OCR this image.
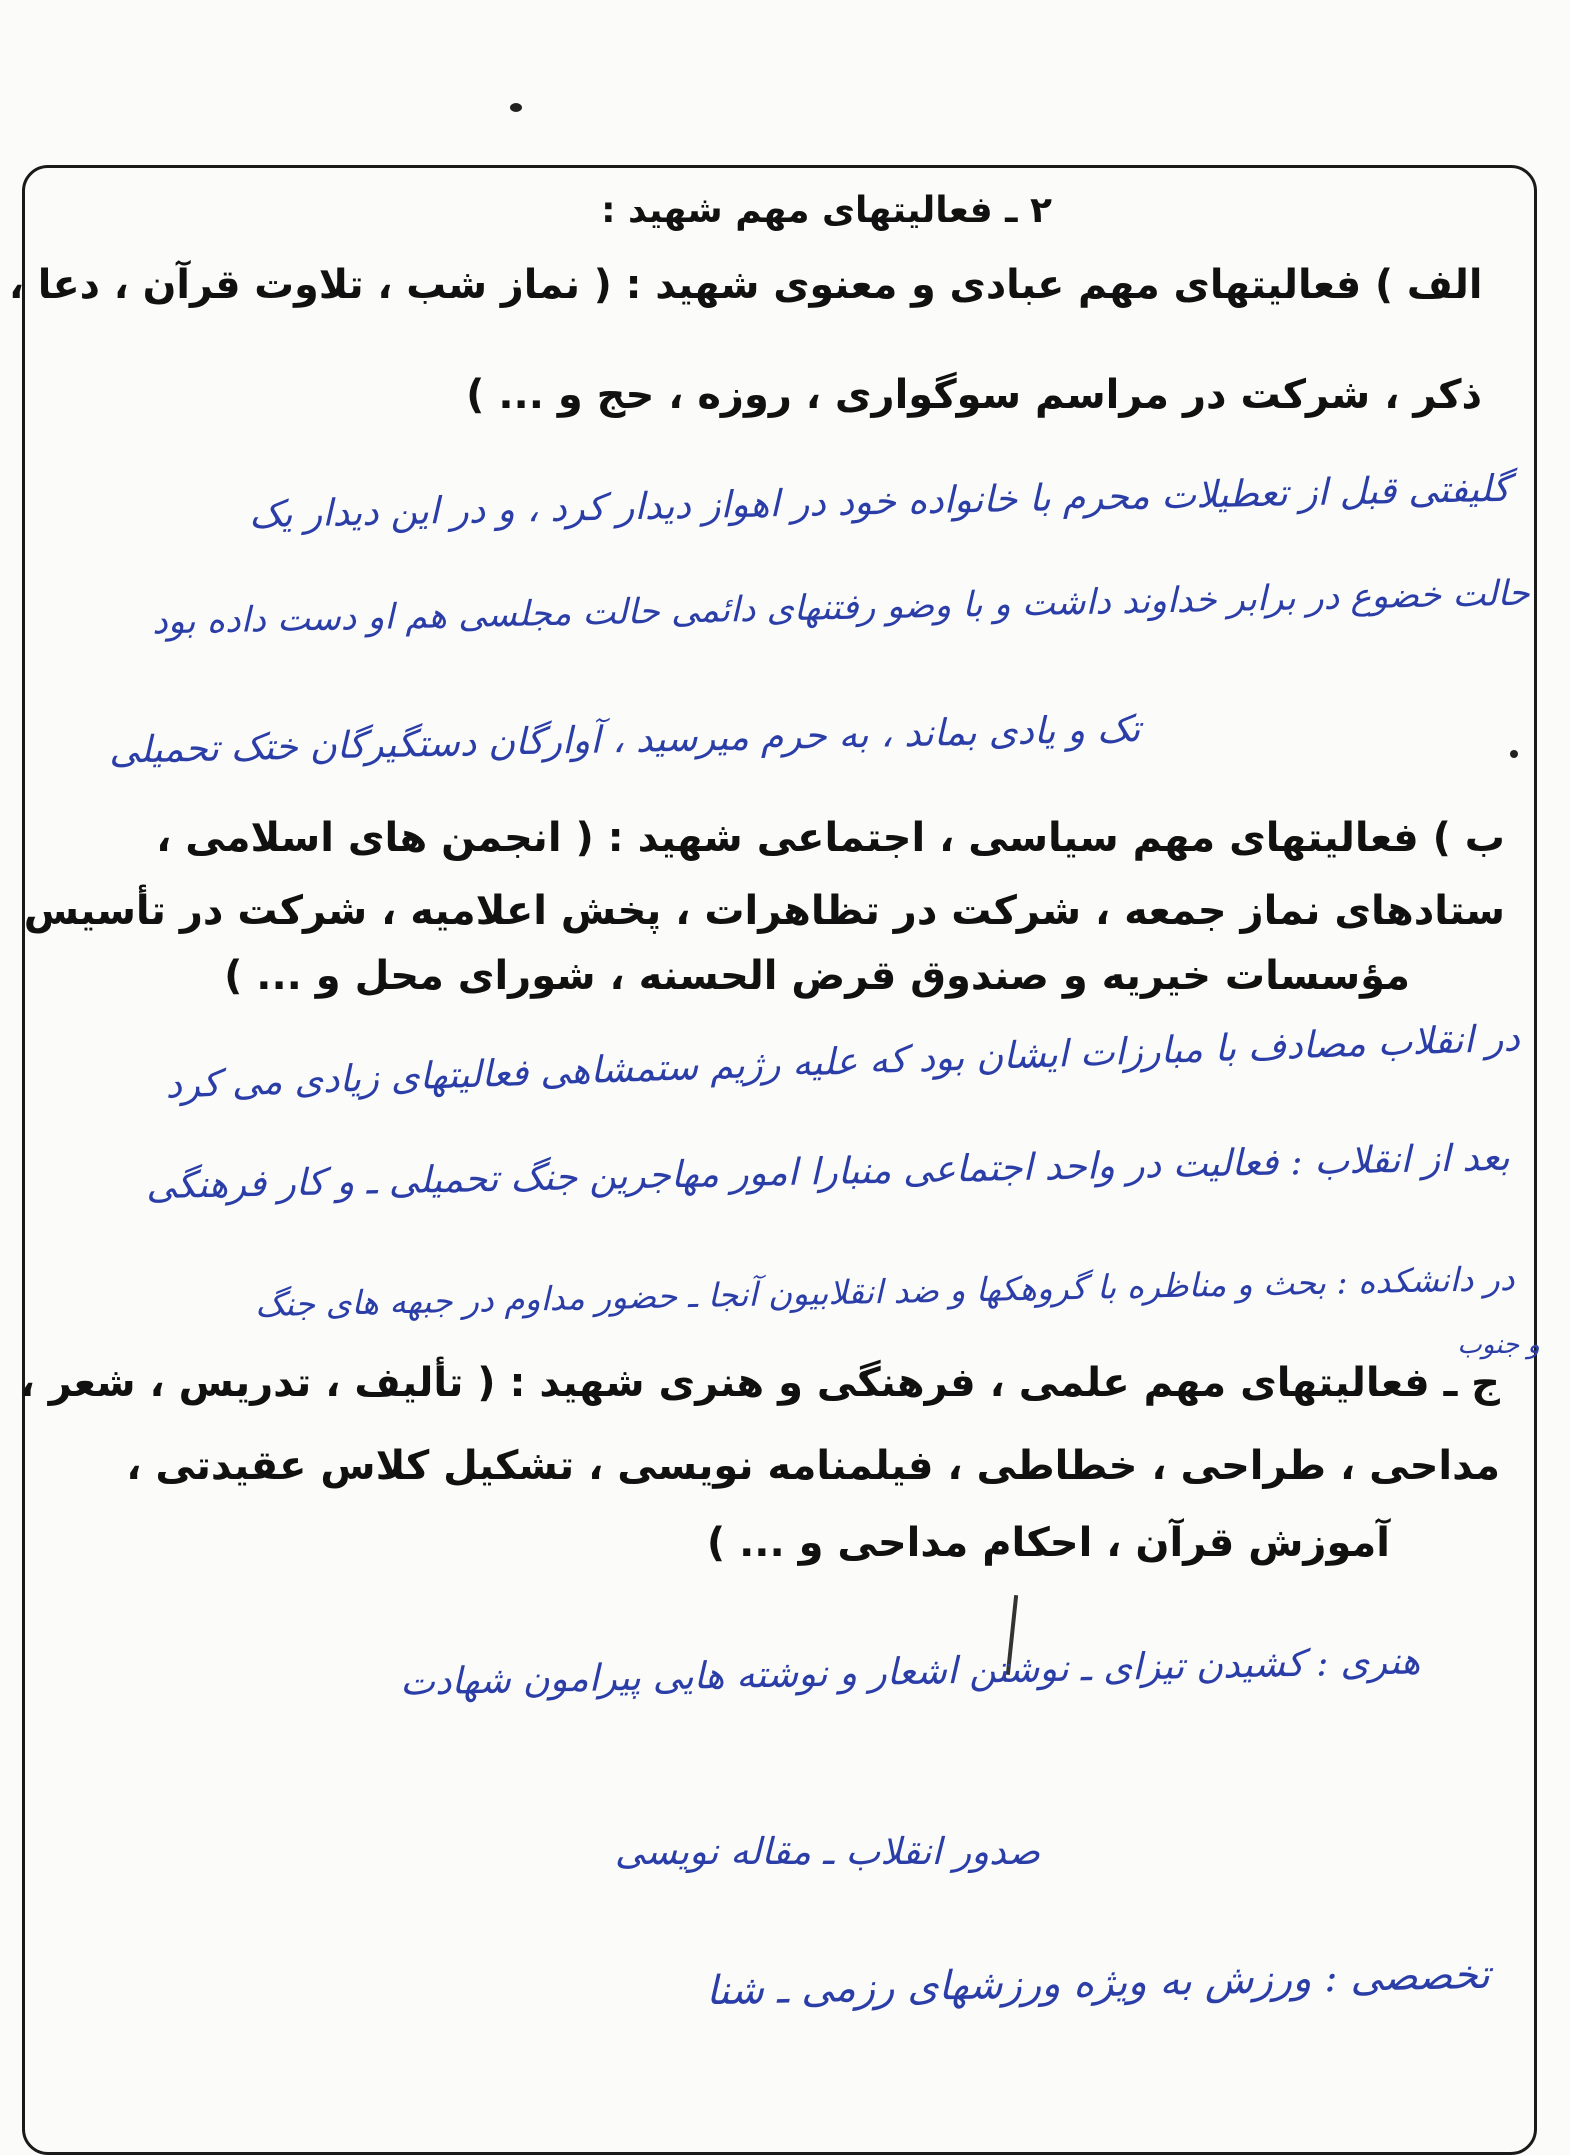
۲ ـ فعالیتهای مهم شهید :
الف ) فعالیتهای مهم عبادی و معنوی شهید : ( نماز شب ، تلاوت قرآن ، دعا ،
ذکر ، شرکت در مراسم سوگواری ، روزه ، حج و ... )
گلیفتی قبل از تعطیلات محرم با خانواده خود در اهواز دیدار کرد ، و در این دیدار یک
حالت خضوع در برابر خداوند داشت و با وضو رفتنهای دائمی حالت مجلسی هم او دست داده بود
تک و یادی بماند ، به حرم میرسید ، آوارگان دستگیرگان ختک تحمیلی
ب ) فعالیتهای مهم سیاسی ، اجتماعی شهید : ( انجمن های اسلامی ،
ستادهای نماز جمعه ، شرکت در تظاهرات ، پخش اعلامیه ، شرکت در تأسیس
مؤسسات خیریه و صندوق قرض الحسنه ، شورای محل و ... )
در انقلاب مصادف با مبارزات ایشان بود که علیه رژیم ستمشاهی فعالیتهای زیادی می کرد
بعد از انقلاب : فعالیت در واحد اجتماعی منبارا امور مهاجرین جنگ تحمیلی ـ و کار فرهنگی
در دانشکده : بحث و مناظره با گروهکها و ضد انقلابیون آنجا ـ حضور مداوم در جبهه های جنگ
و جنوب
ج ـ فعالیتهای مهم علمی ، فرهنگی و هنری شهید : ( تألیف ، تدریس ، شعر ،
مداحی ، طراحی ، خطاطی ، فیلمنامه نویسی ، تشکیل کلاس عقیدتی ،
آموزش قرآن ، احکام مداحی و ... )
هنری : کشیدن تیزای ـ نوشتن اشعار و نوشته هایی پیرامون شهادت
صدور انقلاب ـ مقاله نویسی
تخصصی : ورزش به ویژه ورزشهای رزمی ـ شنا
